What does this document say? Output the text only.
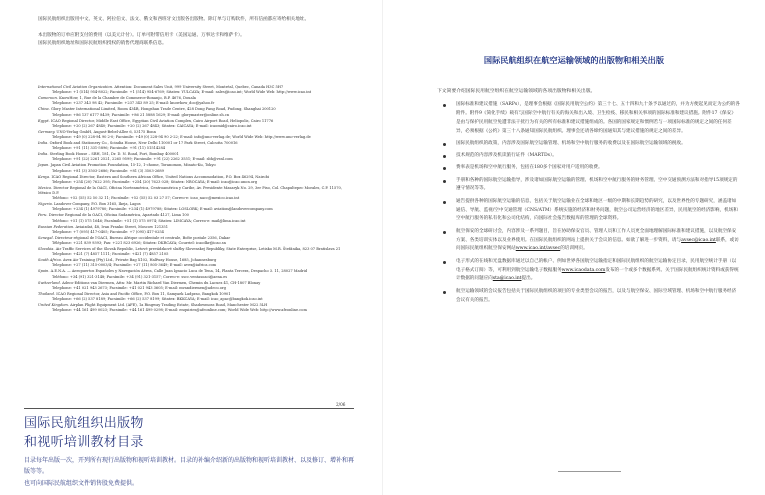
国际民航组织出版用中文、英文、阿拉伯文、法文、俄文和西班牙文出版各出版物。除订单与订购软件，所有信函都应寄给相关地址。
本出版物的订单应附支付的费用（以美元计付）。订单可附带信用卡（美国运通、万事达卡和维萨卡）。
国际民航组织地址和国际民航组织授权的销售代理商联系信息。
International Civil Aviation Organization. Attention: Document Sales Unit, 999 University Street, Montréal, Quebec, Canada H3C 5H7
Telephone: +1 (514) 954-8022; Facsimile: +1 (514) 954-6769; Sitatex: YULCAYA; E-mail: sales@icao.int; World Wide Web: http://www.icao.int
Cameroon. KnowHow, 1, Rue de la Chambre de Commerce-Bonanjo, B.P. 4676, Douala
Telephone: +237 343 98 42; Facsimile: +237 343 89 25; E-mail: knowhow_doc@yahoo.fr
China. Glory Master International Limited, Room 434B, Hongshan Trade Centre, 428 Dong Fang Road, Pudong, Shanghai 200120
Telephone: +86 137 6177 8439; Facsimile: +86 21 5888 1629; E-mail: glorymaster@online.sh.cn
Egypt. ICAO Regional Director, Middle East Office, Egyptian Civil Aviation Complex, Cairo Airport Road, Heliopolis, Cairo 11776
Telephone: +20 (2) 267 4840; Facsimile: +20 (2) 267 4843; Sitatex: CAICAYA; E-mail: icaomid@cairo.icao.int
Germany. UNO-Verlag GmbH, August-Bebel-Allee 6, 53175 Bonn
Telephone: +49 (0) 228-94 90 2-0; Facsimile: +49 (0) 228-94 90 2-22; E-mail: info@uno-verlag.de; World Wide Web: http://www.uno-verlag.de
India. Oxford Book and Stationery Co., Scindia House, New Delhi 110001 or 17 Park Street, Calcutta 700016
Telephone: +91 (11) 331-5896; Facsimile: +91 (11) 51514284
India. Sterling Book House – SBH, 181, Dr. D. N. Road, Fort, Bombay 400001
Telephone: +91 (22) 2261 2521, 2265 9599; Facsimile: +91 (22) 2262 3551; E-mail: sbh@vsnl.com
Japan. Japan Civil Aviation Promotion Foundation, 15-12, 1-chome, Toranomon, Minato-Ku, Tokyo
Telephone: +81 (3) 3503-2686; Facsimile: +81 (3) 3503-2689
Kenya. ICAO Regional Director, Eastern and Southern African Office, United Nations Accommodation, P.O. Box 46294, Nairobi
Telephone: +254 (20) 7622 395; Facsimile: +254 (20) 7623 028; Sitatex: NBOCAYA; E-mail: icao@icao.unon.org
Mexico. Director Regional de la OACI, Oficina Norteamérica, Centroamérica y Caribe, Av. Presidente Masaryk No. 29, 3er Piso, Col. Chapultepec Morales, C.P. 11570, México D.F.
Teléfono: +52 (55) 52 50 32 11; Facsímile: +52 (55) 52 03 27 57; Correo-e: icao_nacc@mexico.icao.int
Nigeria. Landover Company, P.O. Box 3165, Ikeja, Lagos
Telephone: +234 (1) 4979780; Facsimile: +234 (1) 4979788; Sitatex: LOSLORK; E-mail: aviation@landovercompany.com
Peru. Director Regional de la OACI, Oficina Sudamérica, Apartado 4127, Lima 100
Teléfono: +51 (1) 575 1646; Facsímile: +51 (1) 575 0974; Sitatex: LIMCAYA; Correo-e: mail@lima.icao.int
Russian Federation. Aviaizdat, 48, Ivan Franko Street, Moscow 121351
Telephone: +7 (095) 417-0405; Facsimile: +7 (095) 417-0254
Senegal. Directeur régional de l'OACI, Bureau Afrique occidentale et centrale, Boîte postale 2356, Dakar
Téléphone: +221 839 9393; Fax: +221 823 6926; Sitatex: DKRCAYA; Courriel: icaodkr@icao.sn
Slovakia. Air Traffic Services of the Slovak Republic, Letové prevádzkové služby Slovenskej Republiky, State Enterprise, Letisko M.R. Štefánika, 823 07 Bratislava 21
Telephone: +421 (7) 4857 1111; Facsimile: +421 (7) 4857 2105
South Africa. Avex Air Training (Pty) Ltd., Private Bag X102, Halfway House, 1685, Johannesburg
Telephone: +27 (11) 315-0003/4; Facsimile: +27 (11) 805-3649; E-mail: avex@iafrica.com
Spain. A.E.N.A. — Aeropuertos Españoles y Navegación Aérea, Calle Juan Ignacio Luca de Tena, 14, Planta Tercera, Despacho 3. 11, 28027 Madrid
Teléfono: +34 (91) 321-3148; Facsímile: +34 (91) 321-3157; Correo-e: sscc.ventasoaci@aena.es
Switzerland. Adeco-Editions van Diermen, Attn: Mr. Martin Richard Van Diermen, Chemin du Lacuez 41, CH-1807 Blonay
Telephone: +41 021 943 2673; Facsimile: +41 021 943 3605; E-mail: mvandiermen@adeco.org
Thailand. ICAO Regional Director, Asia and Pacific Office, P.O. Box 11, Samyaek Ladprao, Bangkok 10901
Telephone: +66 (2) 537 8189; Facsimile: +66 (2) 537 8199; Sitatex: BKKCAYA; E-mail: icao_apac@bangkok.icao.int
United Kingdom. Airplan Flight Equipment Ltd. (AFE), 1a Ringway Trading Estate, Shadowmoss Road, Manchester M22 5LH
Telephone: +44 161 499 0023; Facsimile: +44 161 499 0298; E-mail: enquiries@afeonline.com; World Wide Web: http://www.afeonline.com
2/06
国际民航组织出版物
和视听培训教材目录
目录每年出版一次，开列所有现行出版物和视听培训教材。目录的补编介绍新的出版物和视听培训教材、以及修订、增补和再版等等。
也可向国际民航组织文件销售股免费提供。
国际民航组织在航空运输领域的出版物和相关出版
下文简要介绍国际民用航空组织在航空运输领域的各项出版物和相关出版。
国际标准和建议措施（SARPs），是理事会根据《国际民用航空公约》第三十七、五十四和九十条予以通过的，并为方便起见而定为公约的各附件。附件9《简化手续》载有与国际空中航行有关的海关和出入境、卫生检疫、移民和相关事项的国际标准和建议措施。附件17《保安》是由与保护民用航空免遭非法干扰行为有关的所有标准和建议措施组成的。各国的国家规定和惯例若与一项国际标准的规定之间的任何差异，必须根据《公约》第三十八条通知国际民航组织。理事会还请各缔约国通知其与建议措施的规定之间的差异。
国际民航组织的政策，内容涉及国际航空运输管理、机场和空中航行服务的收费以及在国际航空运输领域的税收。
技术规范的内容涉及机读旅行证件（MARTDs）。
费率表是机场和空中航行服务，包括在180多个国家对用户适用的收费。
手册和各种的国际航空运输指导，涉及诸如国际航空运输的管理、机场和空中航行服务的财务管理、空中交通预测方法和对指导15项规定的遵守情况等等。
通告提供各种的国际航空运输的信息，包括关于航空运输业在全球和地区一级的中期和长期趋势的研究，以及世界性的专题研究，涵盖诸如通信、导航、监视/空中交通管理（CNS/ATM）系统实施的经济和财务问题，航空公司运营经济的地区差异，民用航空的经济影响，机场和空中航行服务的私有化和公司化结构，向国际社会报告数据库的管理的全球资料。
航空保安的全球研讨会，内容涉及一系列题目，旨在协助保安官员、管理人员和工作人员更全面地理解国际标准和建议措施，以及航空保安方案、各类培训实体以及业界使用。在国际民航组织的网站上提供关于会议的信息。如欲了解进一步资料，请与avsec@icao.int联系，或访问国际民航组织航空保安网站www.icao.int/avsec的培训网页。
电子形式的在线和光盘数据库通过以自己的帐户、例如世界各国航空运输指定和国际民航组织的航空运输协定目录，民用航空统计手册（以电子格式订阅）等，可利用到航空运输电子数据服务www.icaodata.com发布的一个或多个数据系列。关于国际民航组织统计资料或获得统计数据的问题应向sta@icao.int提出。
航空运输领域的会议报告包括关于国际民航组织的项目的专业类型会议的报告，以及与航空保安、国际空域管理、机场和空中航行服务经济会议有关的报告。
